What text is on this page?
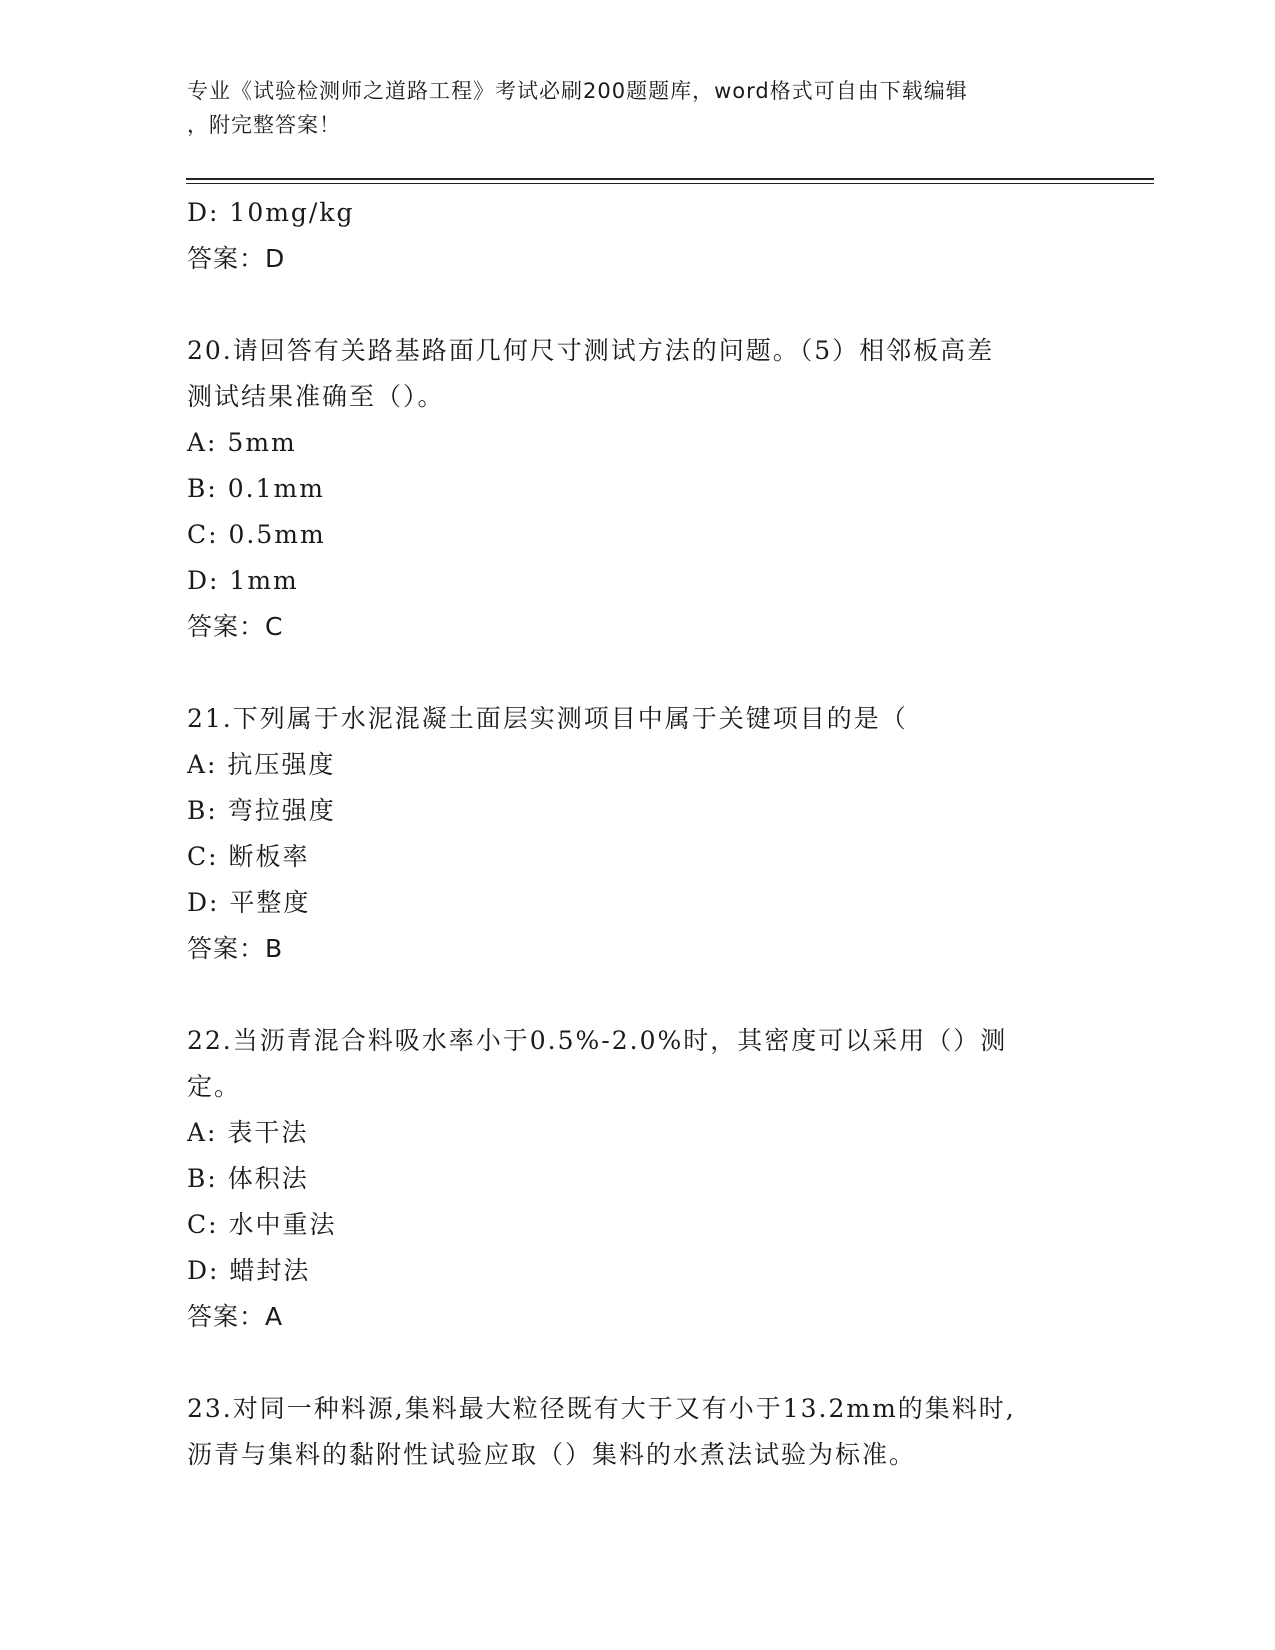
专业《试验检测师之道路工程》考试必刷200题题库，word格式可自由下载编辑
，附完整答案！
D: 10mg/kg
答案：D
20.请回答有关路基路面几何尺寸测试方法的问题。（5）相邻板高差
测试结果准确至（）。
A: 5mm
B: 0.1mm
C: 0.5mm
D: 1mm
答案：C
21.下列属于水泥混凝土面层实测项目中属于关键项目的是（
A: 抗压强度
B: 弯拉强度
C: 断板率
D: 平整度
答案：B
22.当沥青混合料吸水率小于0.5%-2.0%时，其密度可以采用（）测
定。
A: 表干法
B: 体积法
C: 水中重法
D: 蜡封法
答案：A
23.对同一种料源,集料最大粒径既有大于又有小于13.2mm的集料时,
沥青与集料的黏附性试验应取（）集料的水煮法试验为标准。
